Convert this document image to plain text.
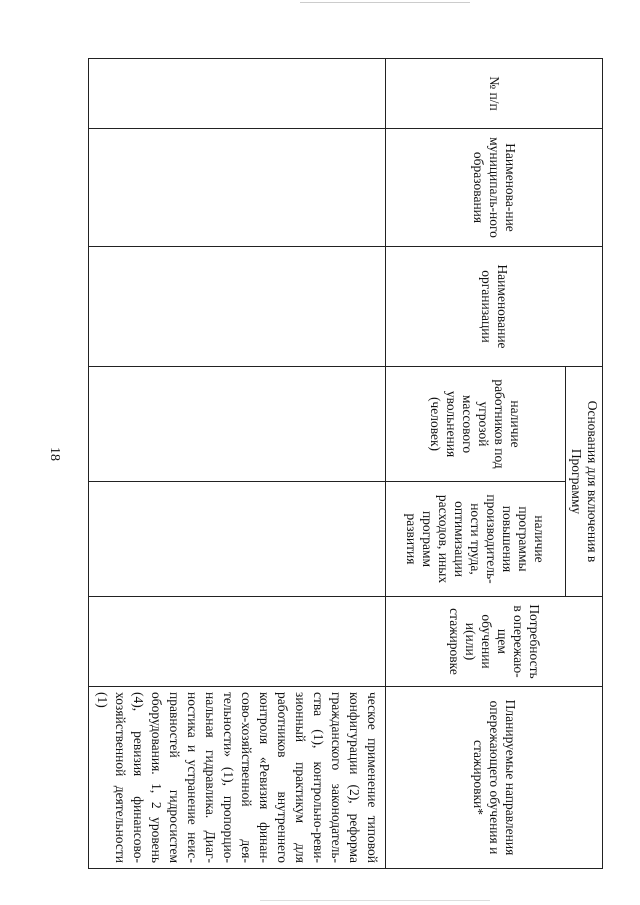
18
№ п/п	Наименова-ние муниципаль-ного образования	Наименование организации	Основания для включения в Программу		Потребность в опережаю-щем обучении и(или) стажировке	Планируемые направления опережающего обучения и стажировки*
			наличие работников под угрозой массового увольнения (человек)	наличие программы повышения производитель-ности труда, оптимизации расходов, иных программ развития		
						ческое применение типовой конфигурации (2), реформа гражданского законодатель-ства (1), контрольно-реви-зионный практикум для работников внутреннего контроля «Ревизия финан-сово-хозяйственной дея-тельности» (1), пропорцио-нальная гидравлика. Диаг-ностика и устранение неис-правностей гидросистем оборудования. 1, 2 уровень (4), ревизия финансово-хозяйственной деятельности (1)
